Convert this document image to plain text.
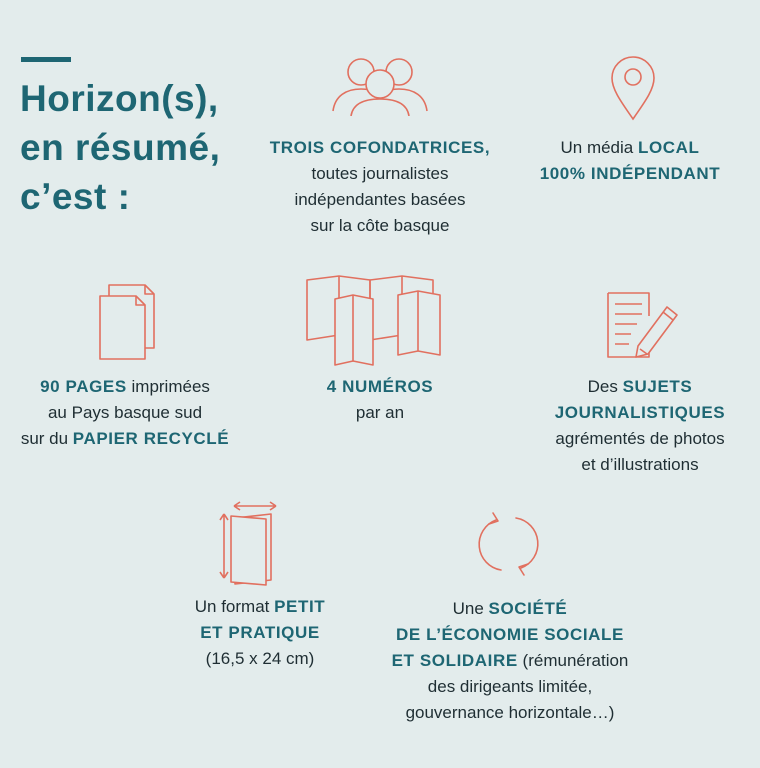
Horizon(s),
en résumé,
c’est :
TROIS COFONDATRICES,
toutes journalistes
indépendantes basées
sur la côte basque
Un média LOCAL
100% INDÉPENDANT
90 PAGES imprimées
au Pays basque sud
sur du PAPIER RECYCLÉ
4 NUMÉROS
par an
Des SUJETS
JOURNALISTIQUES
agrémentés de photos
et d’illustrations
Un format PETIT
ET PRATIQUE
(16,5 x 24 cm)
Une SOCIÉTÉ
DE L’ÉCONOMIE SOCIALE
ET SOLIDAIRE (rémunération
des dirigeants limitée,
gouvernance horizontale…)
